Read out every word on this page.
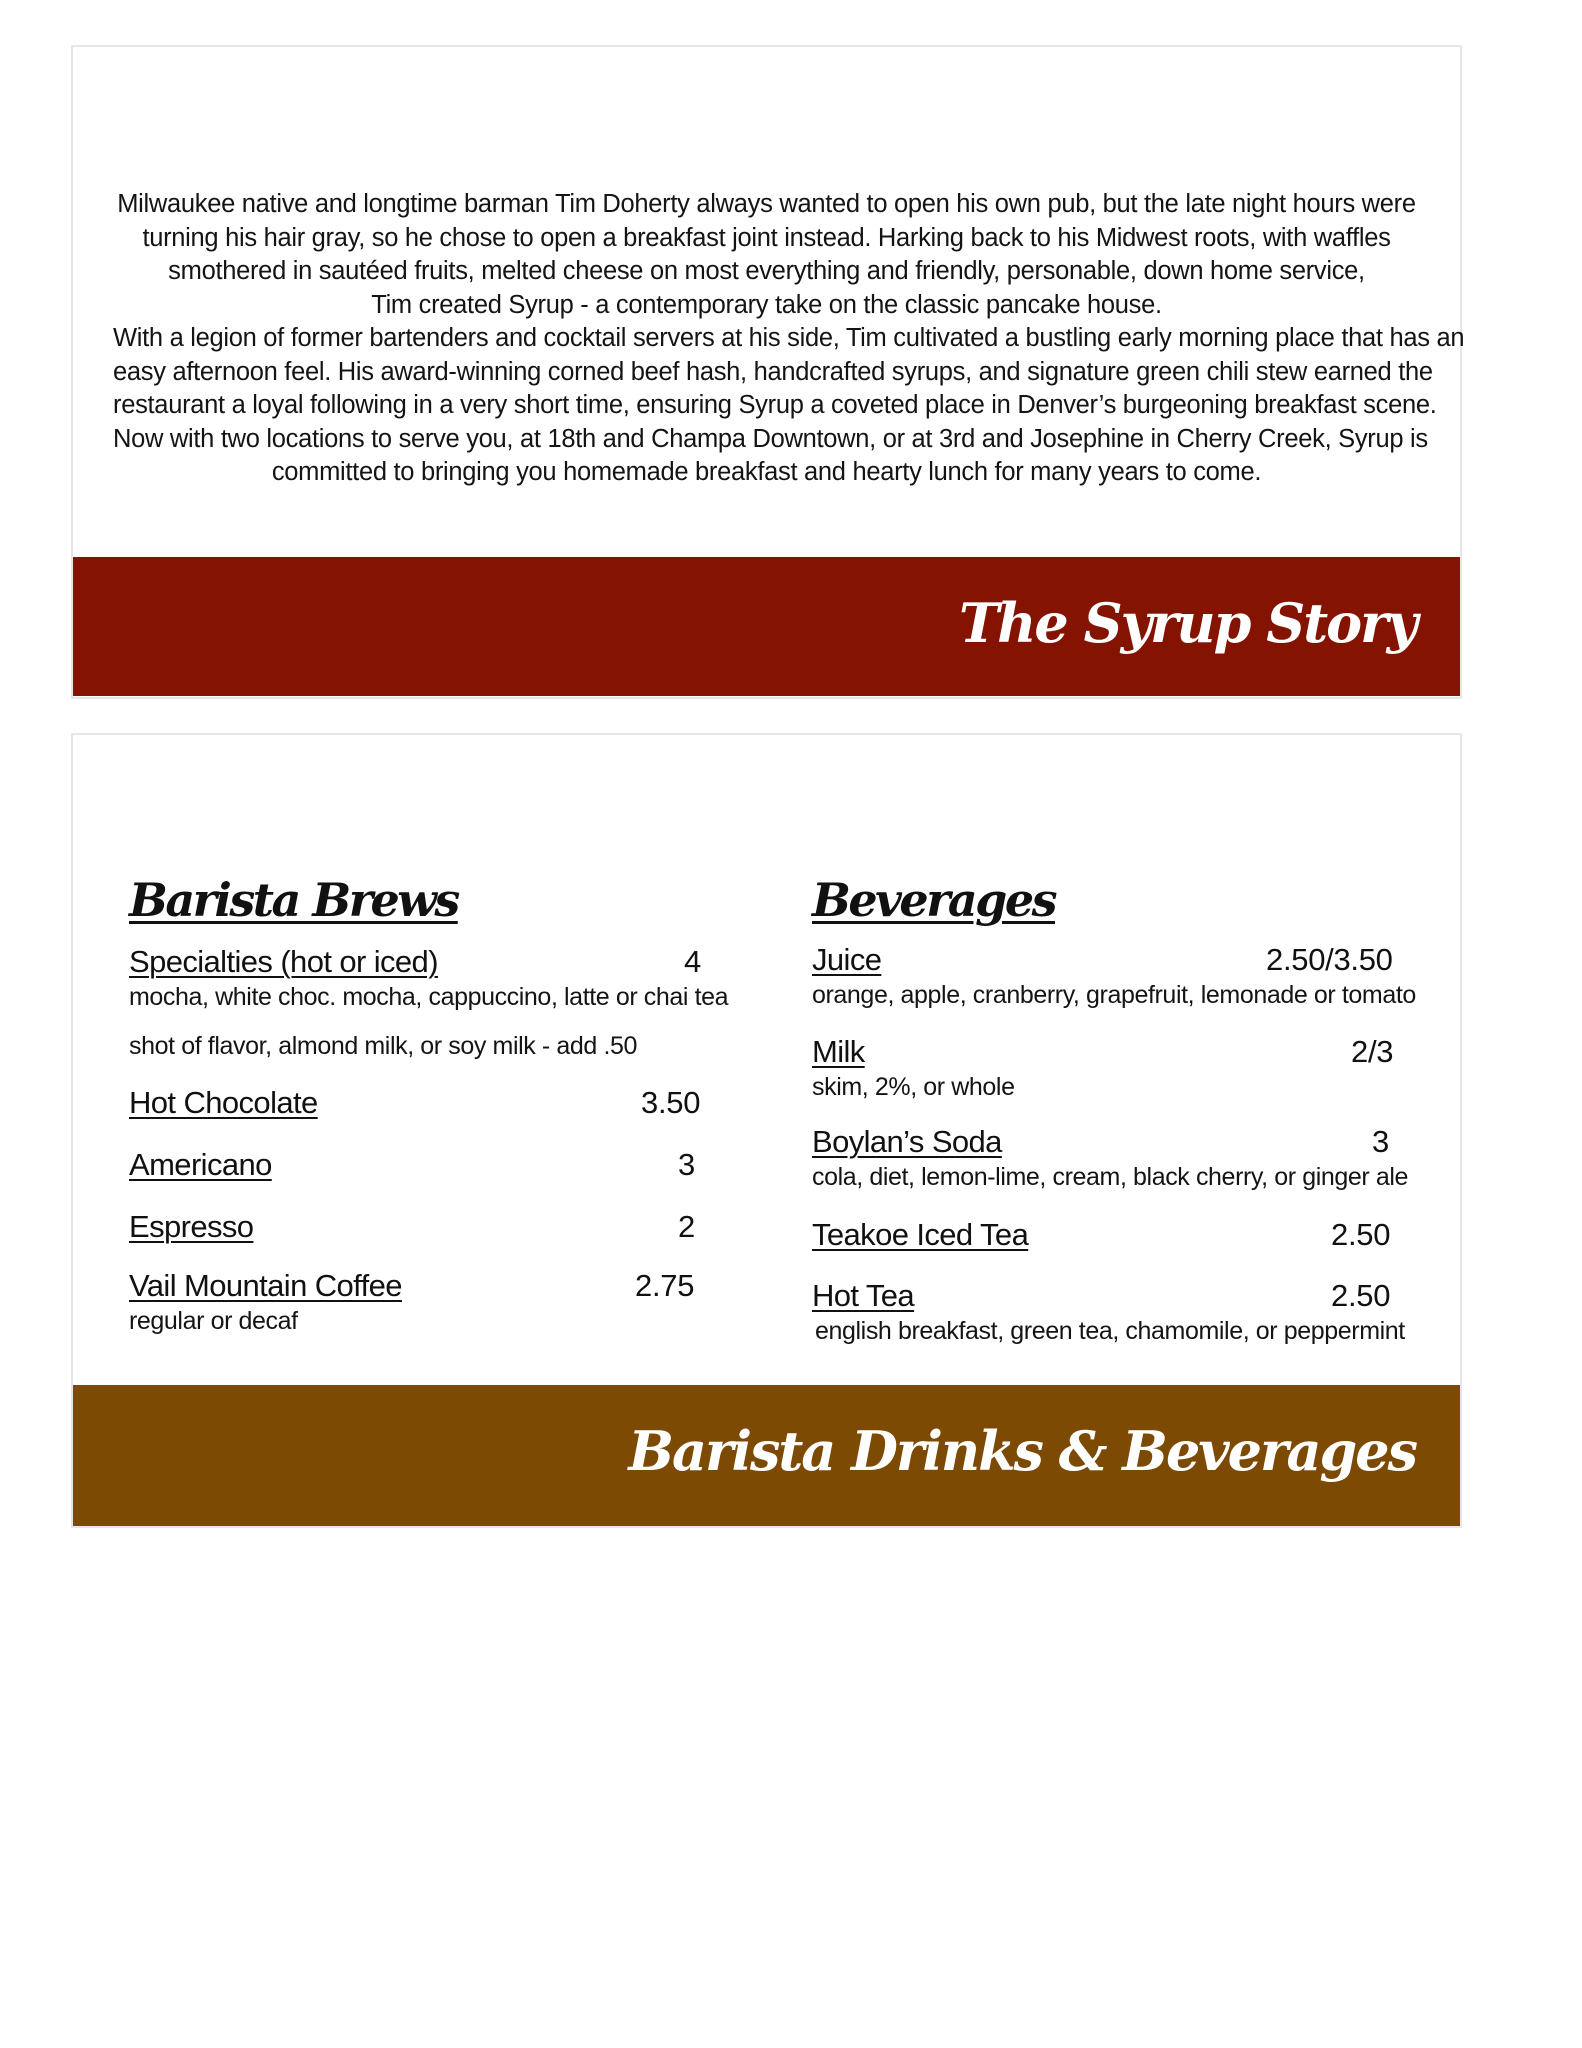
Milwaukee native and longtime barman Tim Doherty always wanted to open his own pub, but the late night hours were
turning his hair gray, so he chose to open a breakfast joint instead. Harking back to his Midwest roots, with waffles
smothered in sautéed fruits, melted cheese on most everything and friendly, personable, down home service,
Tim created Syrup - a contemporary take on the classic pancake house.
With a legion of former bartenders and cocktail servers at his side, Tim cultivated a bustling early morning place that has an
easy afternoon feel. His award-winning corned beef hash, handcrafted syrups, and signature green chili stew earned the
restaurant a loyal following in a very short time, ensuring Syrup a coveted place in Denver’s burgeoning breakfast scene.
Now with two locations to serve you, at 18th and Champa Downtown, or at 3rd and Josephine in Cherry Creek, Syrup is
committed to bringing you homemade breakfast and hearty lunch for many years to come.
The Syrup Story
Barista Brews
Specialties (hot or iced)	4
mocha, white choc. mocha, cappuccino, latte or chai tea
shot of flavor, almond milk, or soy milk - add .50
Hot Chocolate	3.50
Americano	3
Espresso	2
Vail Mountain Coffee	2.75
regular or decaf
Beverages
Juice	2.50/3.50
orange, apple, cranberry, grapefruit, lemonade or tomato
Milk	2/3
skim, 2%, or whole
Boylan’s Soda	3
cola, diet, lemon-lime, cream, black cherry, or ginger ale
Teakoe Iced Tea	2.50
Hot Tea	2.50
english breakfast, green tea, chamomile, or peppermint
Barista Drinks & Beverages
